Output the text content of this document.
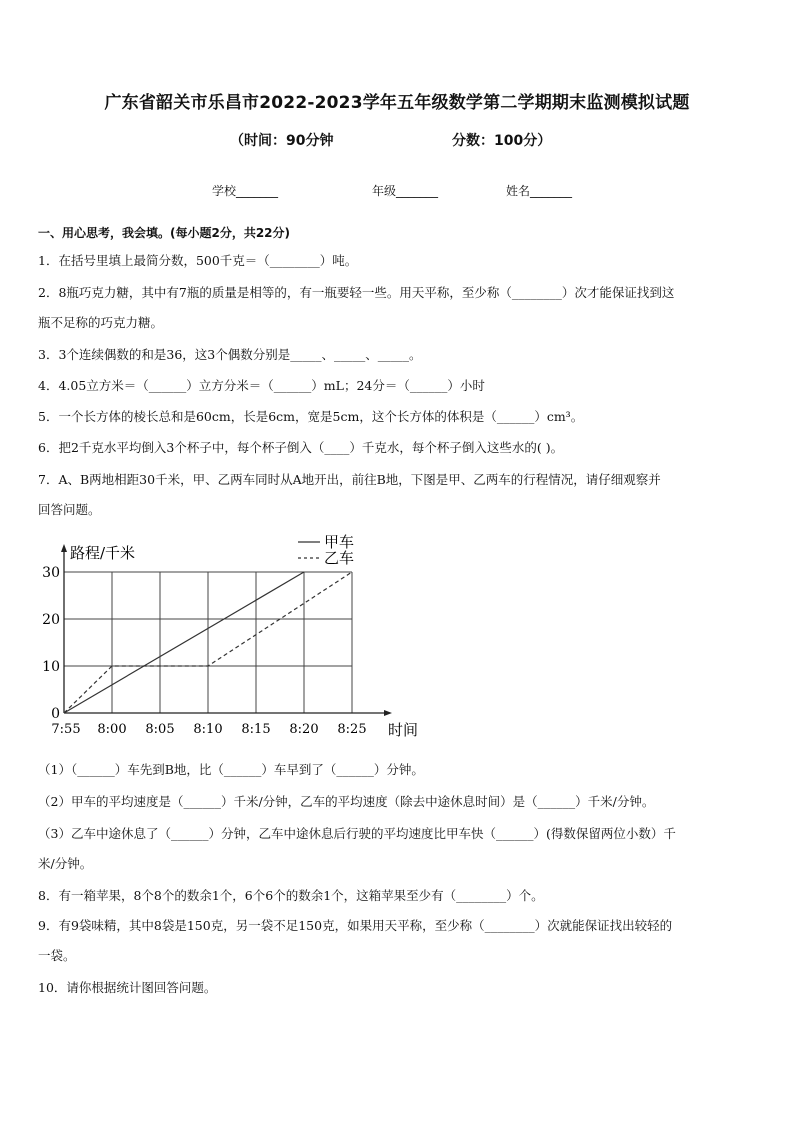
广东省韶关市乐昌市2022-2023学年五年级数学第二学期期末监测模拟试题
（时间：90分钟	分数：100分）
学校_______	年级_______	姓名_______
一、用心思考，我会填。(每小题2分，共22分)
1．在括号里填上最简分数，500千克＝（________）吨。
2．8瓶巧克力糖，其中有7瓶的质量是相等的，有一瓶要轻一些。用天平称，至少称（________）次才能保证找到这
瓶不足称的巧克力糖。
3．3个连续偶数的和是36，这3个偶数分别是_____、_____、_____。
4．4.05立方米＝（______）立方分米＝（______）mL；24分＝（______）小时
5．一个长方体的棱长总和是60cm，长是6cm，宽是5cm，这个长方体的体积是（______）cm³。
6．把2千克水平均倒入3个杯子中，每个杯子倒入（____）千克水，每个杯子倒入这些水的( )。
7．A、B两地相距30千米，甲、乙两车同时从A地开出，前往B地，下图是甲、乙两车的行程情况，请仔细观察并
回答问题。
0
10
20
30
7:55 8:00 8:05 8:10 8:15 8:20 8:25
路程/千米
时间
甲车
乙车
（1）（______）车先到B地，比（______）车早到了（______）分钟。
（2）甲车的平均速度是（______）千米/分钟，乙车的平均速度（除去中途休息时间）是（______）千米/分钟。
（3）乙车中途休息了（______）分钟，乙车中途休息后行驶的平均速度比甲车快（______）(得数保留两位小数）千
米/分钟。
8．有一箱苹果，8个8个的数余1个，6个6个的数余1个，这箱苹果至少有（________）个。
9．有9袋味精，其中8袋是150克，另一袋不足150克，如果用天平称，至少称（________）次就能保证找出较轻的
一袋。
10．请你根据统计图回答问题。
